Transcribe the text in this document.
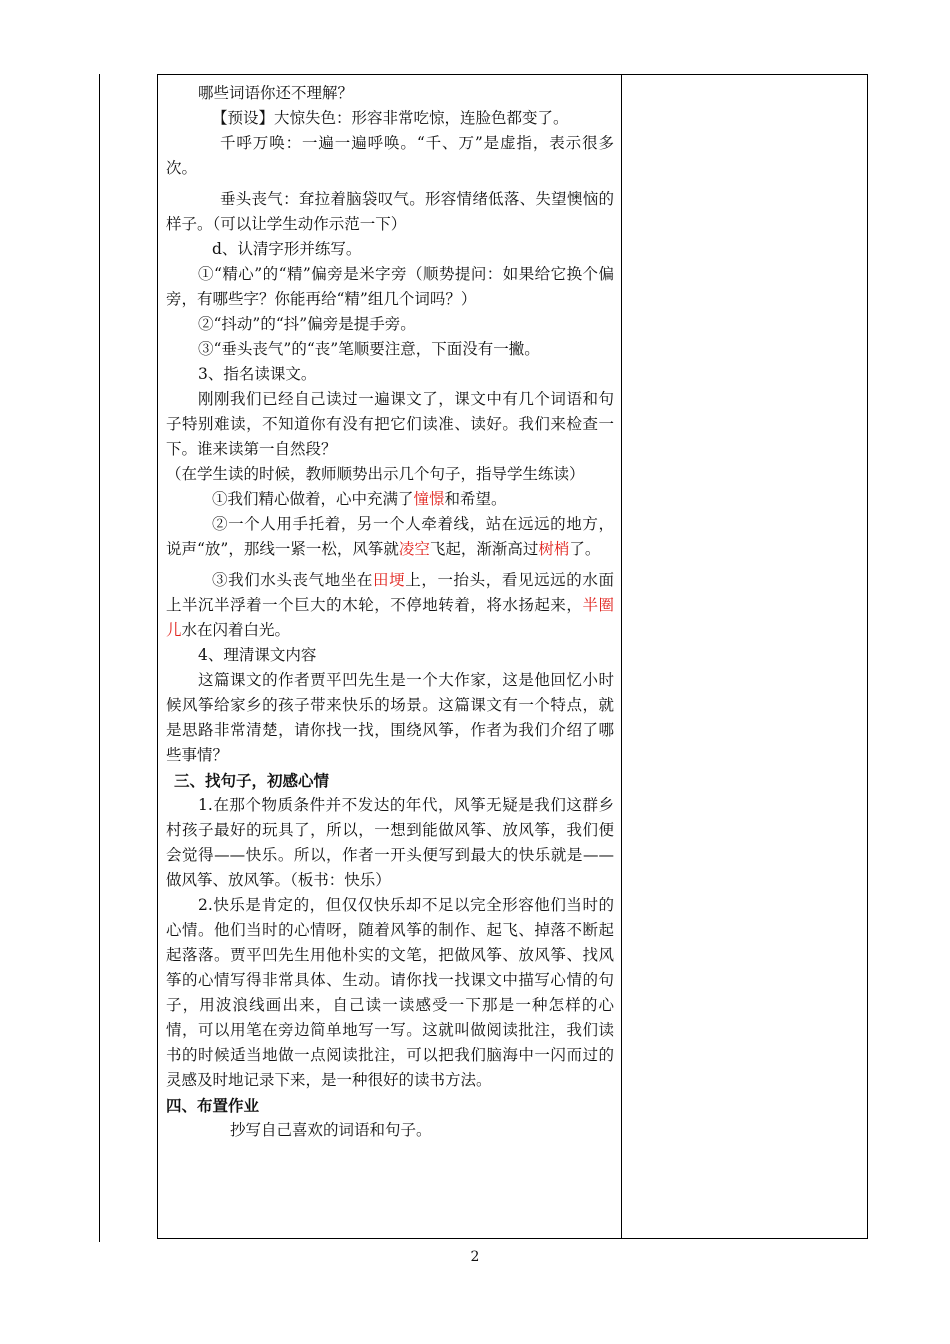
哪些词语你还不理解？

【预设】大惊失色：形容非常吃惊，连脸色都变了。

千呼万唤：一遍一遍呼唤。“千、万”是虚指，表示很多次。

垂头丧气：耷拉着脑袋叹气。形容情绪低落、失望懊恼的样子。（可以让学生动作示范一下）

d、认清字形并练写。

①“精心”的“精”偏旁是米字旁（顺势提问：如果给它换个偏旁，有哪些字？你能再给“精”组几个词吗？）

②“抖动”的“抖”偏旁是提手旁。

③“垂头丧气”的“丧”笔顺要注意，下面没有一撇。

3、指名读课文。

刚刚我们已经自己读过一遍课文了，课文中有几个词语和句子特别难读，不知道你有没有把它们读准、读好。我们来检查一下。谁来读第一自然段？

（在学生读的时候，教师顺势出示几个句子，指导学生练读）

①我们精心做着，心中充满了憧憬和希望。

②一个人用手托着，另一个人牵着线，站在远远的地方，说声“放”，那线一紧一松，风筝就凌空飞起，渐渐高过树梢了。

③我们水头丧气地坐在田埂上，一抬头，看见远远的水面上半沉半浮着一个巨大的木轮，不停地转着，将水扬起来，半圈儿水在闪着白光。

4、理清课文内容

这篇课文的作者贾平凹先生是一个大作家，这是他回忆小时候风筝给家乡的孩子带来快乐的场景。这篇课文有一个特点，就是思路非常清楚，请你找一找，围绕风筝，作者为我们介绍了哪些事情？

三、找句子，初感心情

1.在那个物质条件并不发达的年代，风筝无疑是我们这群乡村孩子最好的玩具了，所以，一想到能做风筝、放风筝，我们便会觉得——快乐。所以，作者一开头便写到最大的快乐就是——做风筝、放风筝。（板书：快乐）

2.快乐是肯定的，但仅仅快乐却不足以完全形容他们当时的心情。他们当时的心情呀，随着风筝的制作、起飞、掉落不断起起落落。贾平凹先生用他朴实的文笔，把做风筝、放风筝、找风筝的心情写得非常具体、生动。请你找一找课文中描写心情的句子，用波浪线画出来，自己读一读感受一下那是一种怎样的心情，可以用笔在旁边简单地写一写。这就叫做阅读批注，我们读书的时候适当地做一点阅读批注，可以把我们脑海中一闪而过的灵感及时地记录下来，是一种很好的读书方法。

四、布置作业

抄写自己喜欢的词语和句子。

2
